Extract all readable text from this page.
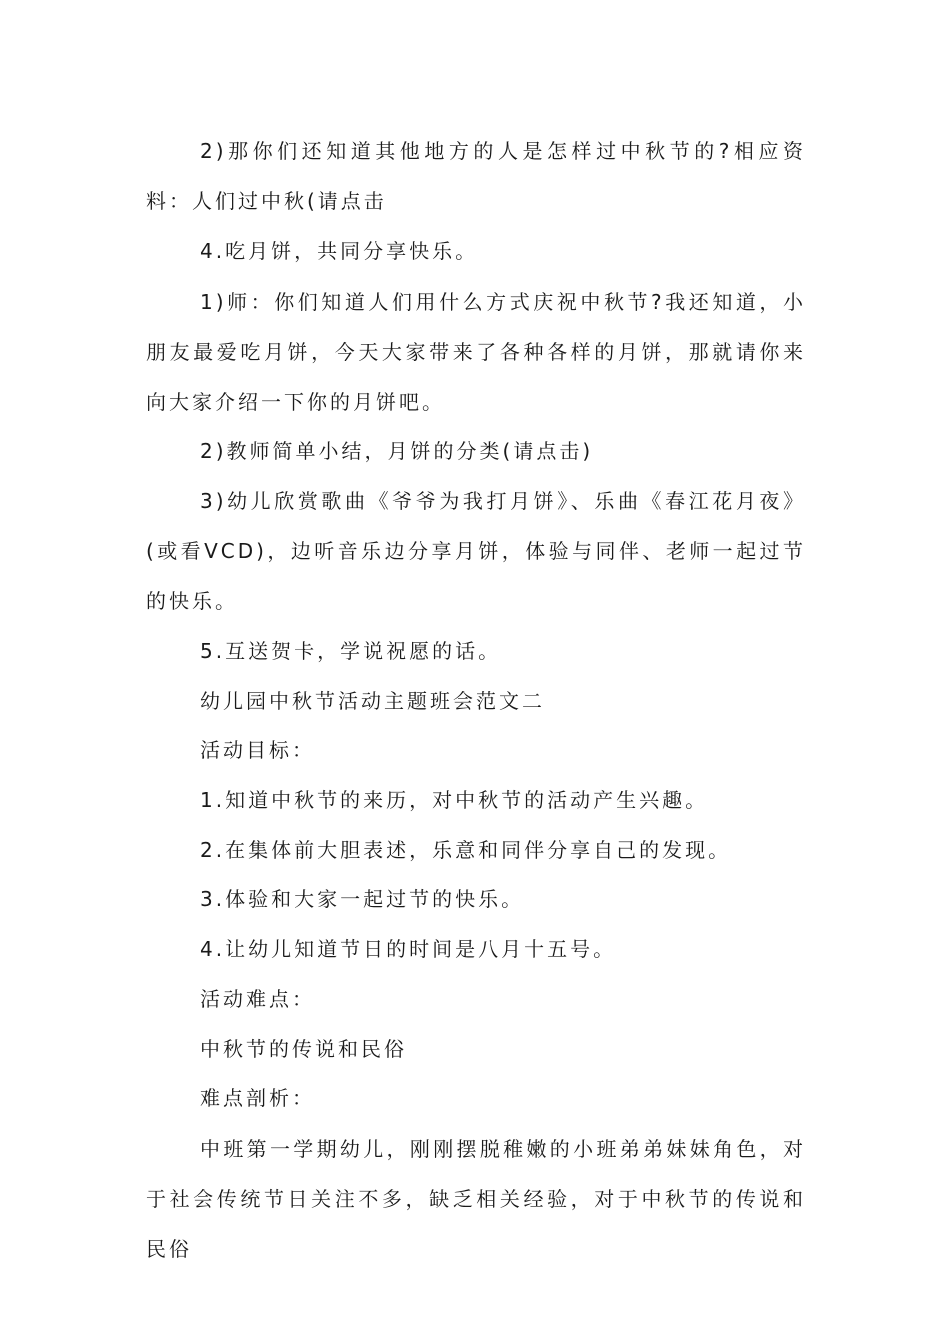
2)那你们还知道其他地方的人是怎样过中秋节的?相应资料：人们过中秋(请点击

4.吃月饼，共同分享快乐。

1)师：你们知道人们用什么方式庆祝中秋节?我还知道，小朋友最爱吃月饼，今天大家带来了各种各样的月饼，那就请你来向大家介绍一下你的月饼吧。

2)教师简单小结，月饼的分类(请点击)

3)幼儿欣赏歌曲《爷爷为我打月饼》、乐曲《春江花月夜》(或看VCD)，边听音乐边分享月饼，体验与同伴、老师一起过节的快乐。

5.互送贺卡，学说祝愿的话。

幼儿园中秋节活动主题班会范文二

活动目标：

1.知道中秋节的来历，对中秋节的活动产生兴趣。

2.在集体前大胆表述，乐意和同伴分享自己的发现。

3.体验和大家一起过节的快乐。

4.让幼儿知道节日的时间是八月十五号。

活动难点：

中秋节的传说和民俗

难点剖析：

中班第一学期幼儿，刚刚摆脱稚嫩的小班弟弟妹妹角色，对于社会传统节日关注不多，缺乏相关经验，对于中秋节的传说和民俗
